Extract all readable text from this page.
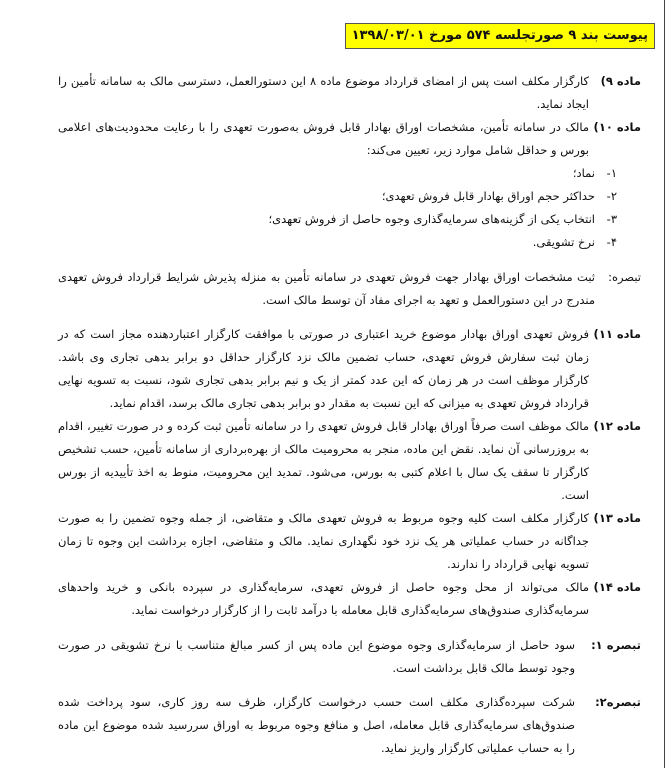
پیوست بند ۹ صورتجلسه ۵۷۴ مورخ ۱۳۹۸/۰۳/۰۱
ماده ۹)

کارگزار مکلف است پس از امضای قرارداد موضوع ماده ۸ این دستورالعمل، دسترسی مالک به سامانه تأمین را ایجاد نماید.

ماده ۱۰)

مالک در سامانه تأمین، مشخصات اوراق بهادار قابل فروش به‌صورت تعهدی را با رعایت محدودیت‌های اعلامی بورس و حداقل شامل موارد زیر، تعیین می‌کند:

۱-
نماد؛
۲-
حداکثر حجم اوراق بهادار قابل فروش تعهدی؛
۳-
انتخاب یکی از گزینه‌های سرمایه‌گذاری وجوه حاصل از فروش تعهدی؛
۴-
نرخ تشویقی.
تبصره:

ثبت مشخصات اوراق بهادار جهت فروش تعهدی در سامانه تأمین به منزله پذیرش شرایط قرارداد فروش تعهدی مندرج در این دستورالعمل و تعهد به اجرای مفاد آن توسط مالک است.

ماده ۱۱)

فروش تعهدی اوراق بهادار موضوع خرید اعتباری در صورتی با موافقت کارگزار اعتباردهنده مجاز است که در زمان ثبت سفارش فروش تعهدی، حساب تضمین مالک نزد کارگزار حداقل دو برابر بدهی تجاری وی باشد. کارگزار موظف است در هر زمان که این عدد کمتر از یک و نیم برابر بدهی تجاری شود، نسبت به تسویه نهایی قرارداد فروش تعهدی به میزانی که این نسبت به مقدار دو برابر بدهی تجاری مالک برسد، اقدام نماید.

ماده ۱۲)

مالک موظف است صرفاً اوراق بهادار قابل فروش تعهدی را در سامانه تأمین ثبت کرده و در صورت تغییر، اقدام به بروزرسانی آن نماید. نقض این ماده، منجر به محرومیت مالک از بهره‌برداری از سامانه تأمین، حسب تشخیص کارگزار تا سقف یک سال با اعلام کتبی به بورس، می‌شود. تمدید این محرومیت، منوط به اخذ تأییدیه از بورس است.

ماده ۱۳)

کارگزار مکلف است کلیه وجوه مربوط به فروش تعهدی مالک و متقاضی، از جمله وجوه تضمین را به صورت جداگانه در حساب عملیاتی هر یک نزد خود نگهداری نماید. مالک و متقاضی، اجازه برداشت این وجوه تا زمان تسویه نهایی قرارداد را ندارند.

ماده ۱۴)

مالک می‌تواند از محل وجوه حاصل از فروش تعهدی، سرمایه‌گذاری در سپرده بانکی و خرید واحدهای سرمایه‌گذاری صندوق‌های سرمایه‌گذاری قابل معامله با درآمد ثابت را از کارگزار درخواست نماید.

تبصره ۱:

سود حاصل از سرمایه‌گذاری وجوه موضوع این ماده پس از کسر مبالغ متناسب با نرخ تشویقی در صورت وجود توسط مالک قابل برداشت است.

تبصره۲:

شرکت سپرده‌گذاری مکلف است حسب درخواست کارگزار، ظرف سه روز کاری، سود پرداخت شده صندوق‌های سرمایه‌گذاری قابل معامله، اصل و منافع وجوه مربوط به اوراق سررسید شده موضوع این ماده را به حساب عملیاتی کارگزار واریز نماید.
